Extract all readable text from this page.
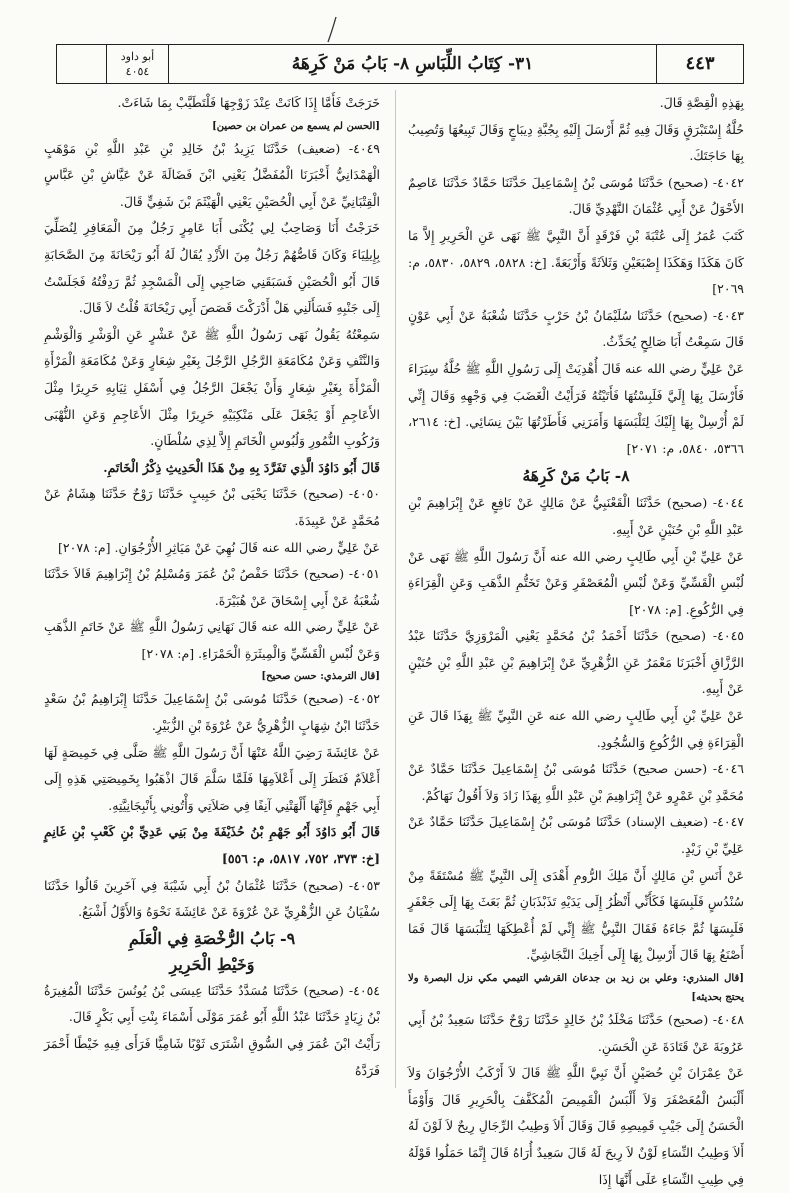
أبو داود
٤٠٥٤	٣١- كِتَابُ اللِّبَاسِ ٨- بَابُ مَنْ كَرِهَهُ	٤٤٣
بِهَذِهِ الْقِصَّةِ قَالَ.
حُلَّةُ إِسْتَبْرَقٍ وَقَالَ فِيهِ ثُمَّ أَرْسَلَ إِلَيْهِ بِجُبَّةِ دِيبَاجٍ وَقَالَ تَبِيعُهَا وَتُصِيبُ بِهَا حَاجَتَكَ.
٤٠٤٢- (صحيح) حَدَّثَنَا مُوسَى بْنُ إِسْمَاعِيلَ حَدَّثَنَا حَمَّادٌ حَدَّثَنَا عَاصِمٌ الأَحْوَلُ عَنْ أَبِي عُثْمَانَ النَّهْدِيِّ قَالَ.
كَتَبَ عُمَرُ إِلَى عُتْبَةَ بْنِ فَرْقَدٍ أَنَّ النَّبِيَّ ﷺ نَهَى عَنِ الْحَرِيرِ إِلاَّ مَا كَانَ هَكَذَا وَهَكَذَا إِصْبَعَيْنِ وَثَلاَثَةً وَأَرْبَعَةً. [خ: ٥٨٢٨، ٥٨٢٩، ٥٨٣٠، م: ٢٠٦٩]
٤٠٤٣- (صحيح) حَدَّثَنَا سُلَيْمَانُ بْنُ حَرْبٍ حَدَّثَنَا شُعْبَةُ عَنْ أَبِي عَوْنٍ قَالَ سَمِعْتُ أَبَا صَالِحٍ يُحَدِّثُ.
عَنْ عَلِيٍّ رضي الله عنه قَالَ أُهْدِيَتْ إِلَى رَسُولِ اللَّهِ ﷺ حُلَّةُ سِيَرَاءَ فَأَرْسَلَ بِهَا إِلَيَّ فَلَبِسْتُهَا فَأَتَيْتُهُ فَرَأَيْتُ الْغَضَبَ فِي وَجْهِهِ وَقَالَ إِنِّي لَمْ أُرْسِلْ بِهَا إِلَيْكَ لِتَلْبَسَهَا وَأَمَرَنِي فَأَطَرْتُهَا بَيْنَ نِسَائِي. [خ: ٢٦١٤، ٥٣٦٦، ٥٨٤٠، م: ٢٠٧١]
٨- بَابُ مَنْ كَرِهَهُ
٤٠٤٤- (صحيح) حَدَّثَنَا الْقَعْنَبِيُّ عَنْ مَالِكٍ عَنْ نَافِعٍ عَنْ إِبْرَاهِيمَ بْنِ عَبْدِ اللَّهِ بْنِ حُنَيْنٍ عَنْ أَبِيهِ.
عَنْ عَلِيِّ بْنِ أَبِي طَالِبٍ رضي الله عنه أَنَّ رَسُولَ اللَّهِ ﷺ نَهَى عَنْ لُبْسِ الْقَسِّيِّ وَعَنْ لُبْسِ الْمُعَصْفَرِ وَعَنْ تَخَتُّمِ الذَّهَبِ وَعَنِ الْقِرَاءَةِ فِي الرُّكُوعِ. [م: ٢٠٧٨]
٤٠٤٥- (صحيح) حَدَّثَنَا أَحْمَدُ بْنُ مُحَمَّدٍ يَعْنِي الْمَرْوَزِيَّ حَدَّثَنَا عَبْدُ الرَّزَّاقِ أَخْبَرَنَا مَعْمَرٌ عَنِ الزُّهْرِيِّ عَنْ إِبْرَاهِيمَ بْنِ عَبْدِ اللَّهِ بْنِ حُنَيْنٍ عَنْ أَبِيهِ.
عَنْ عَلِيِّ بْنِ أَبِي طَالِبٍ رضي الله عنه عَنِ النَّبِيِّ ﷺ بِهَذَا قَالَ عَنِ الْقِرَاءَةِ فِي الرُّكُوعِ وَالسُّجُودِ.
٤٠٤٦- (حسن صحيح) حَدَّثَنَا مُوسَى بْنُ إِسْمَاعِيلَ حَدَّثَنَا حَمَّادٌ عَنْ مُحَمَّدِ بْنِ عَمْرٍو عَنْ إِبْرَاهِيمَ بْنِ عَبْدِ اللَّهِ بِهَذَا زَادَ وَلاَ أَقُولُ نَهَاكُمْ.
٤٠٤٧- (ضعيف الإسناد) حَدَّثَنَا مُوسَى بْنُ إِسْمَاعِيلَ حَدَّثَنَا حَمَّادٌ عَنْ عَلِيِّ بْنِ زَيْدٍ.
عَنْ أَنَسِ بْنِ مَالِكٍ أَنَّ مَلِكَ الرُّومِ أَهْدَى إِلَى النَّبِيِّ ﷺ مُسْتَقَةً مِنْ سُنْدُسٍ فَلَبِسَهَا فَكَأَنِّي أَنْظُرُ إِلَى يَدَيْهِ تَذَبْذَبَانِ ثُمَّ بَعَثَ بِهَا إِلَى جَعْفَرٍ فَلَبِسَهَا ثُمَّ جَاءَهُ فَقَالَ النَّبِيُّ ﷺ إِنِّي لَمْ أُعْطِكَهَا لِتَلْبَسَهَا قَالَ فَمَا أَصْنَعُ بِهَا قَالَ أَرْسِلْ بِهَا إِلَى أَخِيكَ النَّجَاشِيِّ.
[قال المنذري: وعلي بن زيد بن جدعان القرشي التيمي مكي نزل البصرة ولا يحتج بحديثه]
٤٠٤٨- (صحيح) حَدَّثَنَا مَخْلَدُ بْنُ خَالِدٍ حَدَّثَنَا رَوْحٌ حَدَّثَنَا سَعِيدُ بْنُ أَبِي عَرُوبَةَ عَنْ قَتَادَةَ عَنِ الْحَسَنِ.
عَنْ عِمْرَانَ بْنِ حُصَيْنٍ أَنَّ نَبِيَّ اللَّهِ ﷺ قَالَ لاَ أَرْكَبُ الأُرْجُوَانَ وَلاَ أَلْبَسُ الْمُعَصْفَرَ وَلاَ أَلْبَسُ الْقَمِيصَ الْمُكَفَّفَ بِالْحَرِيرِ قَالَ وَأَوْمَأَ الْحَسَنُ إِلَى جَيْبِ قَمِيصِهِ قَالَ وَقَالَ أَلاَ وَطِيبُ الرِّجَالِ رِيحٌ لاَ لَوْنَ لَهُ أَلاَ وَطِيبُ النِّسَاءِ لَوْنٌ لاَ رِيحَ لَهُ قَالَ سَعِيدٌ أُرَاهُ قَالَ إِنَّمَا حَمَلُوا قَوْلَهُ فِي طِيبِ النِّسَاءِ عَلَى أَنَّهَا إِذَا
خَرَجَتْ فَأَمَّا إِذَا كَانَتْ عِنْدَ زَوْجِهَا فَلْتَطَيَّبْ بِمَا شَاءَتْ.
[الحسن لم يسمع من عمران بن حصين]
٤٠٤٩- (ضعيف) حَدَّثَنَا يَزِيدُ بْنُ خَالِدِ بْنِ عَبْدِ اللَّهِ بْنِ مَوْهَبٍ الْهَمْدَانِيُّ أَخْبَرَنَا الْمُفَضَّلُ يَعْنِي ابْنَ فَضَالَةَ عَنْ عَيَّاشِ بْنِ عَبَّاسٍ الْقِتْبَانِيِّ عَنْ أَبِي الْحُصَيْنِ يَعْنِي الْهَيْثَمَ بْنَ شَفِيٍّ قَالَ.
خَرَجْتُ أَنَا وَصَاحِبٌ لِي يُكْنَى أَبَا عَامِرٍ رَجُلٌ مِنَ الْمَعَافِرِ لِنُصَلِّيَ بِإِيلِيَاءَ وَكَانَ قَاصُّهُمْ رَجُلٌ مِنَ الأَزْدِ يُقَالُ لَهُ أَبُو رَيْحَانَةَ مِنَ الصَّحَابَةِ قَالَ أَبُو الْحُصَيْنِ فَسَبَقَنِي صَاحِبِي إِلَى الْمَسْجِدِ ثُمَّ رَدِفْتُهُ فَجَلَسْتُ إِلَى جَنْبِهِ فَسَأَلَنِي هَلْ أَدْرَكْتَ قَصَصَ أَبِي رَيْحَانَةَ قُلْتُ لاَ قَالَ.
سَمِعْتُهُ يَقُولُ نَهَى رَسُولُ اللَّهِ ﷺ عَنْ عَشْرٍ عَنِ الْوَشْرِ وَالْوَشْمِ وَالنَّتْفِ وَعَنْ مُكَامَعَةِ الرَّجُلِ الرَّجُلَ بِغَيْرِ شِعَارٍ وَعَنْ مُكَامَعَةِ الْمَرْأَةِ الْمَرْأَةَ بِغَيْرِ شِعَارٍ وَأَنْ يَجْعَلَ الرَّجُلُ فِي أَسْفَلِ ثِيَابِهِ حَرِيرًا مِثْلَ الأَعَاجِمِ أَوْ يَجْعَلَ عَلَى مَنْكِبَيْهِ حَرِيرًا مِثْلَ الأَعَاجِمِ وَعَنِ النُّهْبَى وَرُكُوبِ النُّمُورِ وَلُبُوسِ الْخَاتَمِ إِلاَّ لِذِي سُلْطَانٍ.
قَالَ أَبُو دَاوُدَ الَّذِي تَفَرَّدَ بِهِ مِنْ هَذَا الْحَدِيثِ ذِكْرُ الْخَاتَمِ.
٤٠٥٠- (صحيح) حَدَّثَنَا يَحْيَى بْنُ حَبِيبٍ حَدَّثَنَا رَوْحٌ حَدَّثَنَا هِشَامٌ عَنْ مُحَمَّدٍ عَنْ عَبِيدَةَ.
عَنْ عَلِيٍّ رضي الله عنه قَالَ نُهِيَ عَنْ مَيَاثِرِ الأُرْجُوَانِ. [م: ٢٠٧٨]
٤٠٥١- (صحيح) حَدَّثَنَا حَفْصُ بْنُ عُمَرَ وَمُسْلِمُ بْنُ إِبْرَاهِيمَ قَالاَ حَدَّثَنَا شُعْبَةُ عَنْ أَبِي إِسْحَاقَ عَنْ هُبَيْرَةَ.
عَنْ عَلِيٍّ رضي الله عنه قَالَ نَهَانِي رَسُولُ اللَّهِ ﷺ عَنْ خَاتَمِ الذَّهَبِ وَعَنْ لُبْسِ الْقَسِّيِّ وَالْمِيثَرَةِ الْحَمْرَاءِ. [م: ٢٠٧٨]
[قال الترمذي: حسن صحيح]
٤٠٥٢- (صحيح) حَدَّثَنَا مُوسَى بْنُ إِسْمَاعِيلَ حَدَّثَنَا إِبْرَاهِيمُ بْنُ سَعْدٍ حَدَّثَنَا ابْنُ شِهَابٍ الزُّهْرِيُّ عَنْ عُرْوَةَ بْنِ الزُّبَيْرِ.
عَنْ عَائِشَةَ رَضِيَ اللَّهُ عَنْهَا أَنَّ رَسُولَ اللَّهِ ﷺ صَلَّى فِي خَمِيصَةٍ لَهَا أَعْلاَمٌ فَنَظَرَ إِلَى أَعْلاَمِهَا فَلَمَّا سَلَّمَ قَالَ اذْهَبُوا بِخَمِيصَتِي هَذِهِ إِلَى أَبِي جَهْمٍ فَإِنَّهَا أَلْهَتْنِي آنِفًا فِي صَلاَتِي وَأْتُونِي بِأَنْبِجَانِيَّتِهِ.
قَالَ أَبُو دَاوُدَ أَبُو جَهْمِ بْنُ حُذَيْفَةَ مِنْ بَنِي عَدِيِّ بْنِ كَعْبِ بْنِ غَانِمٍ [خ: ٣٧٣، ٧٥٢، ٥٨١٧، م: ٥٥٦]
٤٠٥٣- (صحيح) حَدَّثَنَا عُثْمَانُ بْنُ أَبِي شَيْبَةَ فِي آخَرِينَ قَالُوا حَدَّثَنَا سُفْيَانُ عَنِ الزُّهْرِيِّ عَنْ عُرْوَةَ عَنْ عَائِشَةَ نَحْوَهُ وَالأَوَّلُ أَشْبَعُ.
٩- بَابُ الرُّخْصَةِ فِي الْعَلَمِ
وَخَيْطِ الْحَرِيرِ
٤٠٥٤- (صحيح) حَدَّثَنَا مُسَدَّدٌ حَدَّثَنَا عِيسَى بْنُ يُونُسَ حَدَّثَنَا الْمُغِيرَةُ بْنُ زِيَادٍ حَدَّثَنَا عَبْدُ اللَّهِ أَبُو عُمَرَ مَوْلَى أَسْمَاءَ بِنْتِ أَبِي بَكْرٍ قَالَ.
رَأَيْتُ ابْنَ عُمَرَ فِي السُّوقِ اشْتَرَى ثَوْبًا شَامِيًّا فَرَأَى فِيهِ خَيْطًا أَحْمَرَ فَرَدَّهُ
